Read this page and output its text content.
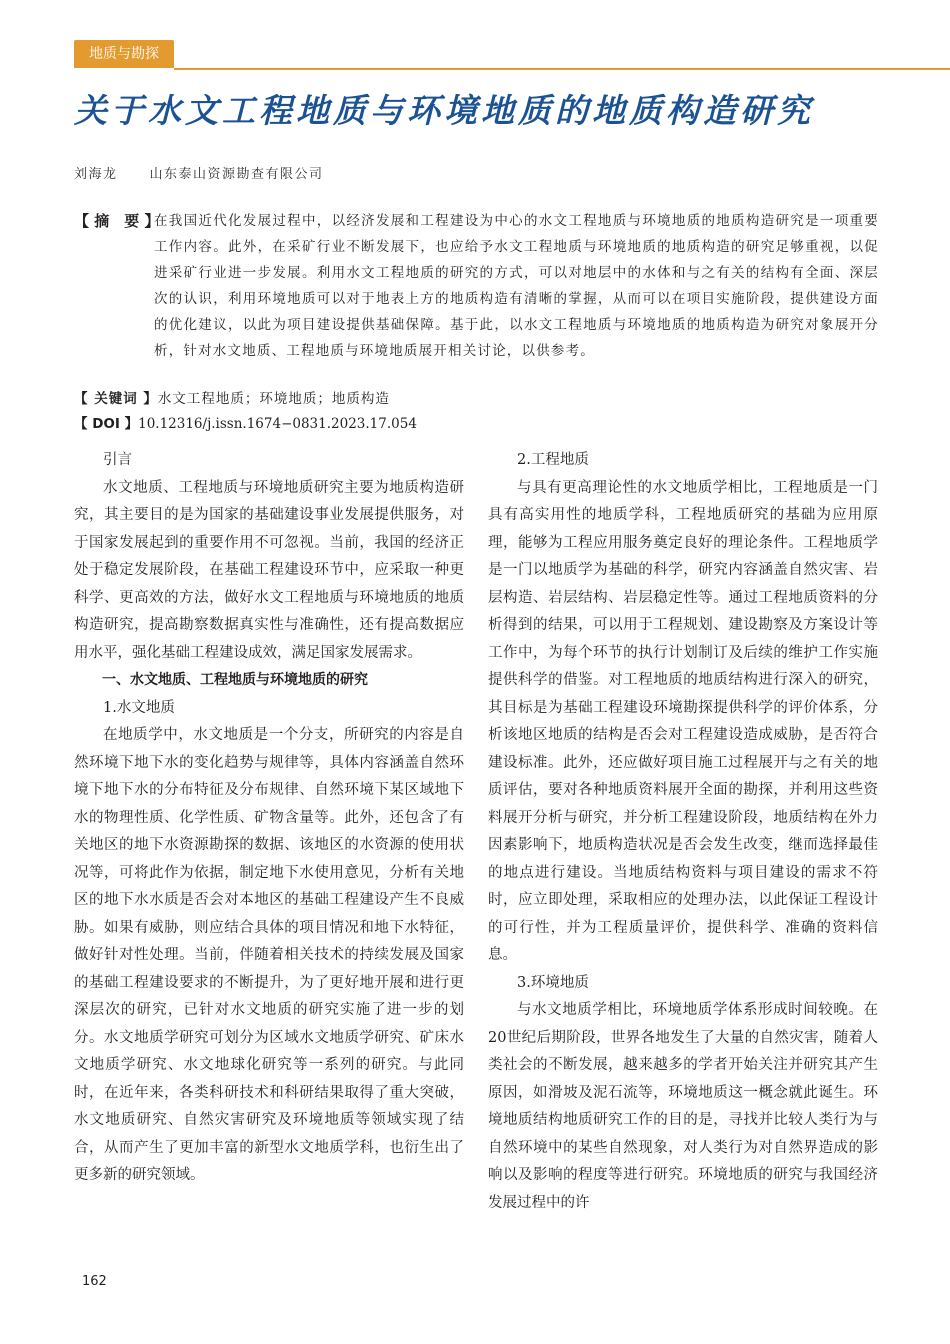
地质与勘探
关于水文工程地质与环境地质的地质构造研究
刘海龙 山东泰山资源勘查有限公司
【 摘　要 】

在我国近代化发展过程中，以经济发展和工程建设为中心的水文工程地质与环境地质的地质构造研究是一项重要工作内容。此外，在采矿行业不断发展下，也应给予水文工程地质与环境地质的地质构造的研究足够重视，以促进采矿行业进一步发展。利用水文工程地质的研究的方式，可以对地层中的水体和与之有关的结构有全面、深层次的认识，利用环境地质可以对于地表上方的地质构造有清晰的掌握，从而可以在项目实施阶段，提供建设方面的优化建议，以此为项目建设提供基础保障。基于此，以水文工程地质与环境地质的地质构造为研究对象展开分析，针对水文地质、工程地质与环境地质展开相关讨论，以供参考。

【 关键词 】水文工程地质；环境地质；地质构造
【 DOI 】10.12316/j.issn.1674−0831.2023.17.054
引言

水文地质、工程地质与环境地质研究主要为地质构造研究，其主要目的是为国家的基础建设事业发展提供服务，对于国家发展起到的重要作用不可忽视。当前，我国的经济正处于稳定发展阶段，在基础工程建设环节中，应采取一种更科学、更高效的方法，做好水文工程地质与环境地质的地质构造研究，提高勘察数据真实性与准确性，还有提高数据应用水平，强化基础工程建设成效，满足国家发展需求。

一、水文地质、工程地质与环境地质的研究
1.水文地质

在地质学中，水文地质是一个分支，所研究的内容是自然环境下地下水的变化趋势与规律等，具体内容涵盖自然环境下地下水的分布特征及分布规律、自然环境下某区域地下水的物理性质、化学性质、矿物含量等。此外，还包含了有关地区的地下水资源勘探的数据、该地区的水资源的使用状况等，可将此作为依据，制定地下水使用意见，分析有关地区的地下水水质是否会对本地区的基础工程建设产生不良威胁。如果有威胁，则应结合具体的项目情况和地下水特征，做好针对性处理。当前，伴随着相关技术的持续发展及国家的基础工程建设要求的不断提升，为了更好地开展和进行更深层次的研究，已针对水文地质的研究实施了进一步的划分。水文地质学研究可划分为区域水文地质学研究、矿床水文地质学研究、水文地球化研究等一系列的研究。与此同时，在近年来，各类科研技术和科研结果取得了重大突破，水文地质研究、自然灾害研究及环境地质等领域实现了结合，从而产生了更加丰富的新型水文地质学科，也衍生出了更多新的研究领域。

2.工程地质

与具有更高理论性的水文地质学相比，工程地质是一门具有高实用性的地质学科，工程地质研究的基础为应用原理，能够为工程应用服务奠定良好的理论条件。工程地质学是一门以地质学为基础的科学，研究内容涵盖自然灾害、岩层构造、岩层结构、岩层稳定性等。通过工程地质资料的分析得到的结果，可以用于工程规划、建设勘察及方案设计等工作中，为每个环节的执行计划制订及后续的维护工作实施提供科学的借鉴。对工程地质的地质结构进行深入的研究，其目标是为基础工程建设环境勘探提供科学的评价体系，分析该地区地质的结构是否会对工程建设造成威胁，是否符合建设标准。此外，还应做好项目施工过程展开与之有关的地质评估，要对各种地质资料展开全面的勘探，并利用这些资料展开分析与研究，并分析工程建设阶段，地质结构在外力因素影响下，地质构造状况是否会发生改变，继而选择最佳的地点进行建设。当地质结构资料与项目建设的需求不符时，应立即处理，采取相应的处理办法，以此保证工程设计的可行性，并为工程质量评价，提供科学、准确的资料信息。

3.环境地质

与水文地质学相比，环境地质学体系形成时间较晚。在20世纪后期阶段，世界各地发生了大量的自然灾害，随着人类社会的不断发展，越来越多的学者开始关注并研究其产生原因，如滑坡及泥石流等，环境地质这一概念就此诞生。环境地质结构地质研究工作的目的是，寻找并比较人类行为与自然环境中的某些自然现象，对人类行为对自然界造成的影响以及影响的程度等进行研究。环境地质的研究与我国经济发展过程中的许

162
